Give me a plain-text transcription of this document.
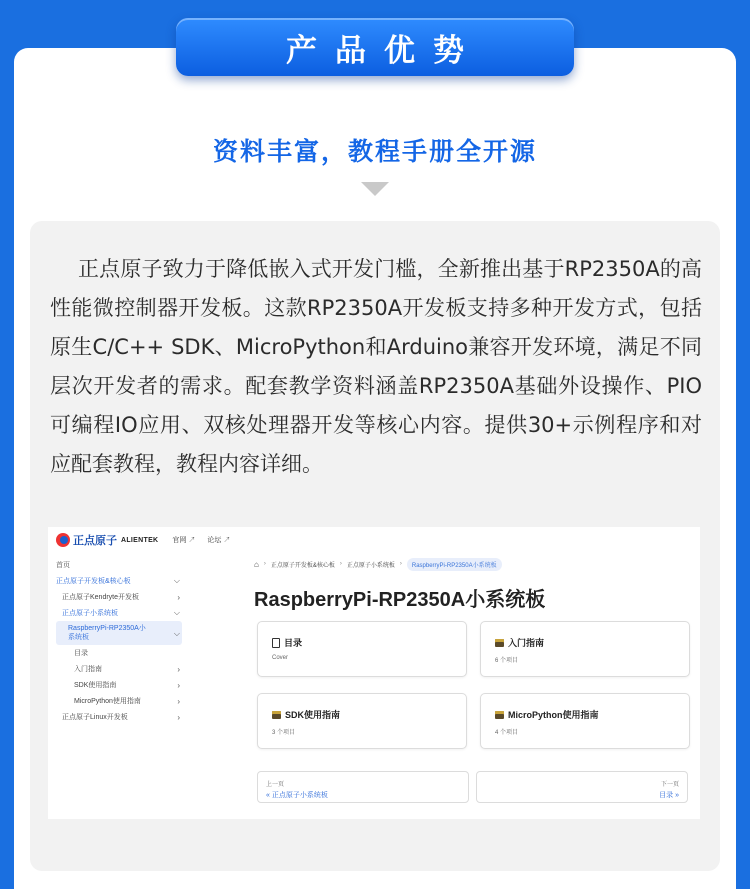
产品优势
资料丰富，教程手册全开源
正点原子致力于降低嵌入式开发门槛，全新推出基于RP2350A的高性能微控制器开发板。这款RP2350A开发板支持多种开发方式，包括原生C/C++ SDK、MicroPython和Arduino兼容开发环境，满足不同层次开发者的需求。配套教学资料涵盖RP2350A基础外设操作、PIO可编程IO应用、双核处理器开发等核心内容。提供30+示例程序和对应配套教程，教程内容详细。
正点原子 ALIENTEK 官网 ↗ 论坛 ↗
首页
正点原子开发板&核心板	⌵
正点原子Kendryte开发板	›
正点原子小系统板	⌵
RaspberryPi-RP2350A小系统板	⌵
目录
入门指南	›
SDK使用指南	›
MicroPython使用指南	›
正点原子Linux开发板	›
⌂ › 正点原子开发板&核心板 › 正点原子小系统板 ›	RaspberryPi-RP2350A小系统板
RaspberryPi-RP2350A小系统板
目录
Cover
入门指南
6 个项目
SDK使用指南
3 个项目
MicroPython使用指南
4 个项目
上一页
« 正点原子小系统板
下一页
目录 »
